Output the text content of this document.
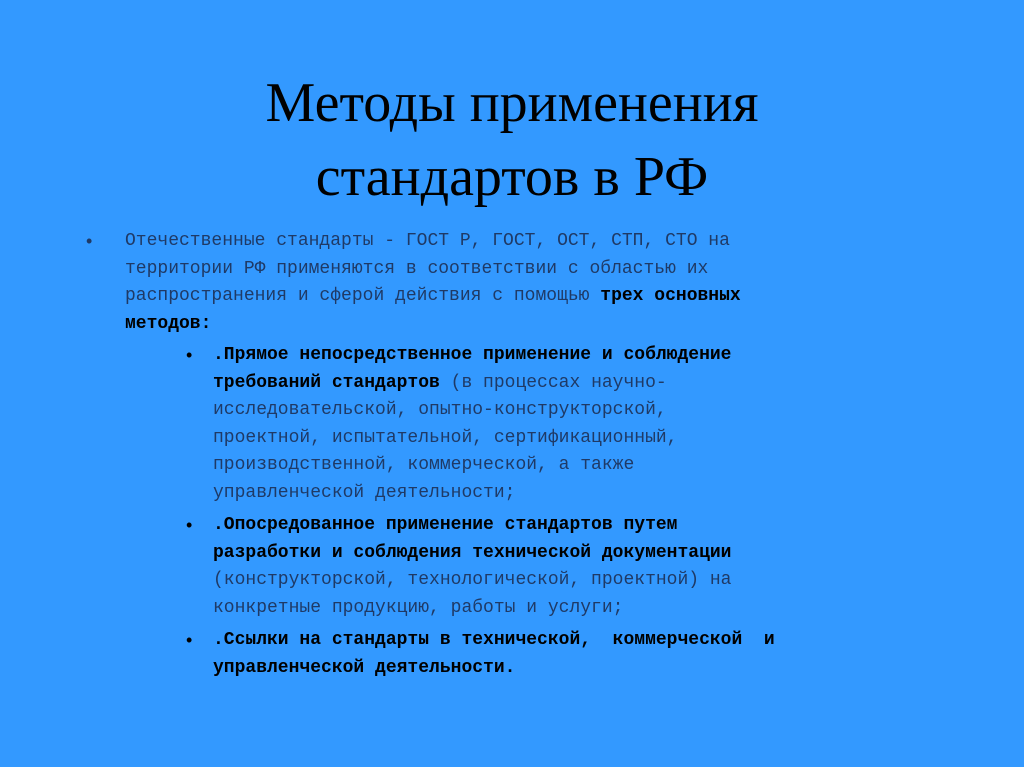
Методы применения
стандартов в РФ
• Отечественные стандарты - ГОСТ Р, ГОСТ, ОСТ, СТП, СТО на
территории РФ применяются в соответствии с областью их
распространения и сферой действия с помощью трех основных
методов:
• .Прямое непосредственное применение и соблюдение
требований стандартов (в процессах научно-
исследовательской, опытно-конструкторской,
проектной, испытательной, сертификационный,
производственной, коммерческой, а также
управленческой деятельности;
• .Опосредованное применение стандартов путем
разработки и соблюдения технической документации
(конструкторской, технологической, проектной) на
конкретные продукцию, работы и услуги;
• .Ссылки на стандарты в технической,  коммерческой  и
управленческой деятельности.
